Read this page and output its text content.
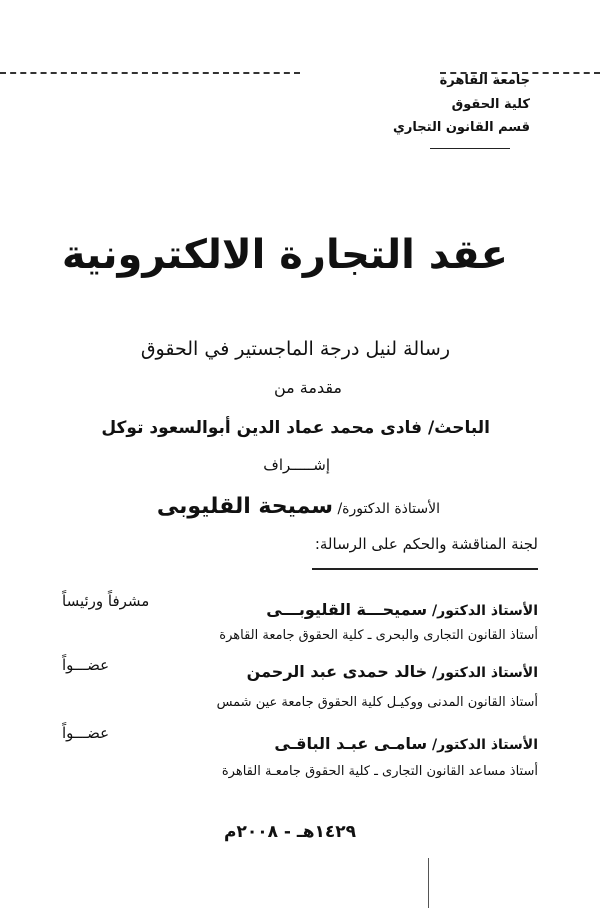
جامعة القاهرة
كلية الحقوق
قسم القانون التجاري
عقد التجارة الالكترونية
رسالة لنيل درجة الماجستير في الحقوق
مقدمة من
الباحث/ فادى محمد عماد الدين أبوالسعود توكل
إشـــــراف
الأستاذة الدكتورة/ سميحة القليوبى
لجنة المناقشة والحكم على الرسالة:
الأستاذ الدكتور/ سميحـــة القليوبـــى
أستاذ القانون التجارى والبحرى ـ كلية الحقوق جامعة القاهرة
مشرفاً ورئيساً
الأستاذ الدكتور/ خالد حمدى عبد الرحمن
أستاذ القانون المدنى ووكيـل كلية الحقوق جامعة عين شمس
عضـــواً
الأستاذ الدكتور/ سامـى عبـد الباقـى
أستاذ مساعد القانون التجارى ـ كلية الحقوق جامعـة القاهرة
عضـــواً
١٤٢٩هـ - ٢٠٠٨م
